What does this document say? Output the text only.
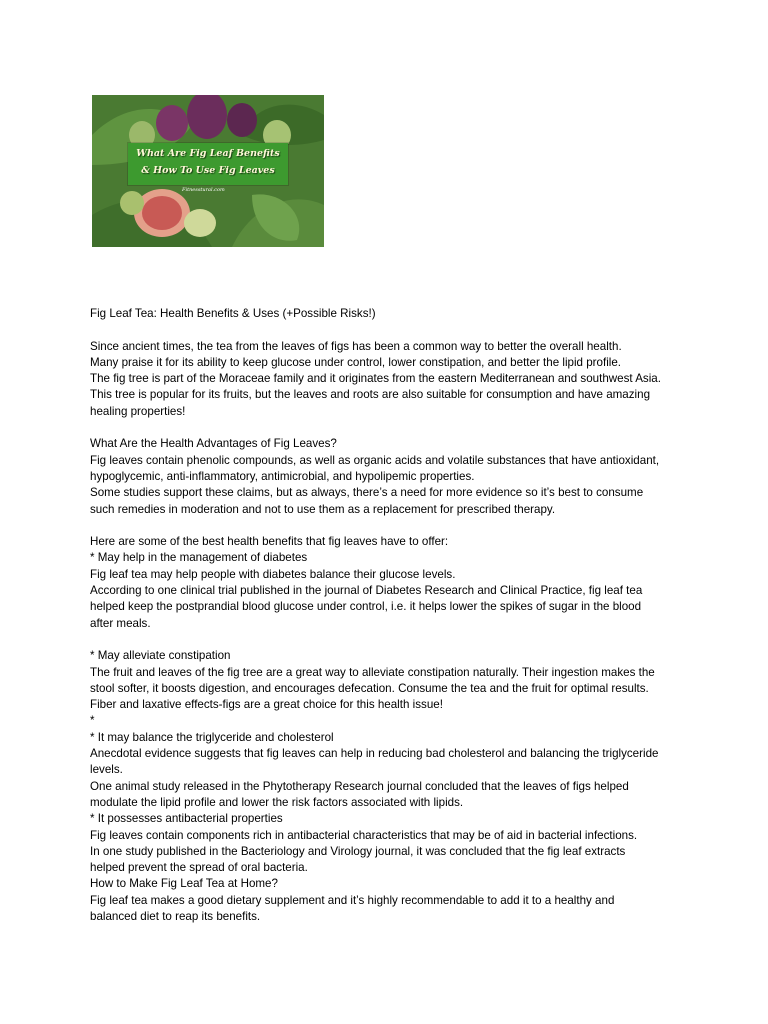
What Are Fig Leaf Benefits
& How To Use Fig Leaves
Fitnesstural.com

Fig Leaf Tea: Health Benefits & Uses (+Possible Risks!)

Since ancient times, the tea from the leaves of figs has been a common way to better the overall health.

Many praise it for its ability to keep glucose under control, lower constipation, and better the lipid profile.

The fig tree is part of the Moraceae family and it originates from the eastern Mediterranean and southwest Asia.

This tree is popular for its fruits, but the leaves and roots are also suitable for consumption and have amazing

healing properties!

What Are the Health Advantages of Fig Leaves?

Fig leaves contain phenolic compounds, as well as organic acids and volatile substances that have antioxidant,

hypoglycemic, anti-inflammatory, antimicrobial, and hypolipemic properties.

Some studies support these claims, but as always, there’s a need for more evidence so it’s best to consume

such remedies in moderation and not to use them as a replacement for prescribed therapy.

Here are some of the best health benefits that fig leaves have to offer:

* May help in the management of diabetes

Fig leaf tea may help people with diabetes balance their glucose levels.

According to one clinical trial published in the journal of Diabetes Research and Clinical Practice, fig leaf tea

helped keep the postprandial blood glucose under control, i.e. it helps lower the spikes of sugar in the blood

after meals.

* May alleviate constipation

The fruit and leaves of the fig tree are a great way to alleviate constipation naturally. Their ingestion makes the

stool softer, it boosts digestion, and encourages defecation. Consume the tea and the fruit for optimal results.

Fiber and laxative effects-figs are a great choice for this health issue!

*

* It may balance the triglyceride and cholesterol

Anecdotal evidence suggests that fig leaves can help in reducing bad cholesterol and balancing the triglyceride

levels.

One animal study released in the Phytotherapy Research journal concluded that the leaves of figs helped

modulate the lipid profile and lower the risk factors associated with lipids.

* It possesses antibacterial properties

Fig leaves contain components rich in antibacterial characteristics that may be of aid in bacterial infections.

In one study published in the Bacteriology and Virology journal, it was concluded that the fig leaf extracts

helped prevent the spread of oral bacteria.

How to Make Fig Leaf Tea at Home?

Fig leaf tea makes a good dietary supplement and it’s highly recommendable to add it to a healthy and

balanced diet to reap its benefits.
